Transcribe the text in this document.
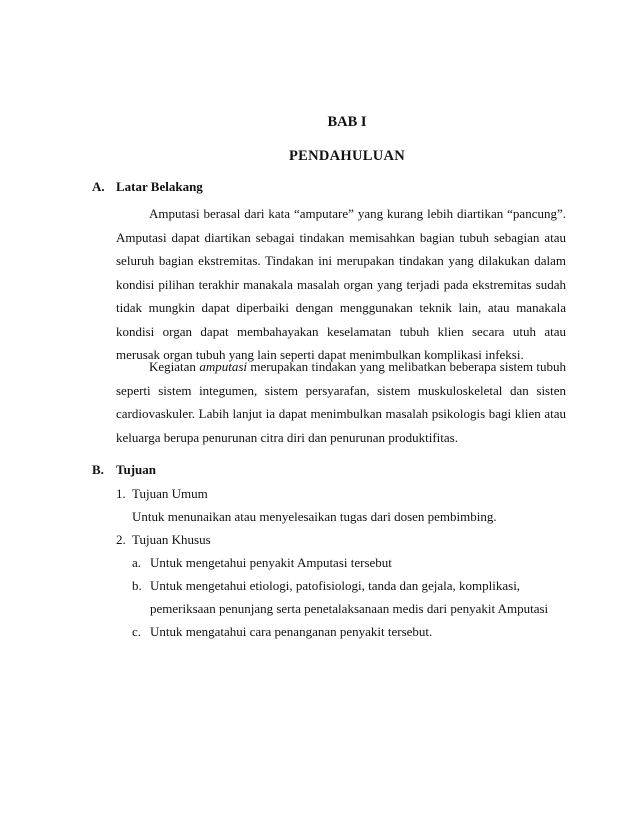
BAB I
PENDAHULUAN
A. Latar Belakang

Amputasi berasal dari kata “amputare” yang kurang lebih diartikan “pancung”. Amputasi dapat diartikan sebagai tindakan memisahkan bagian tubuh sebagian atau seluruh bagian ekstremitas. Tindakan ini merupakan tindakan yang dilakukan dalam kondisi pilihan terakhir manakala masalah organ yang terjadi pada ekstremitas sudah tidak mungkin dapat diperbaiki dengan menggunakan teknik lain, atau manakala kondisi organ dapat membahayakan keselamatan tubuh klien secara utuh atau merusak organ tubuh yang lain seperti dapat menimbulkan komplikasi infeksi.

Kegiatan amputasi merupakan tindakan yang melibatkan beberapa sistem tubuh seperti sistem integumen, sistem persyarafan, sistem muskuloskeletal dan sisten cardiovaskuler. Labih lanjut ia dapat menimbulkan masalah psikologis bagi klien atau keluarga berupa penurunan citra diri dan penurunan produktifitas.

B. Tujuan
1. Tujuan Umum
Untuk menunaikan atau menyelesaikan tugas dari dosen pembimbing.
2. Tujuan Khusus
a. Untuk mengetahui penyakit Amputasi tersebut
b. Untuk mengetahui etiologi, patofisiologi, tanda dan gejala, komplikasi,
pemeriksaan penunjang serta penetalaksanaan medis dari penyakit Amputasi
c. Untuk mengatahui cara penanganan penyakit tersebut.
